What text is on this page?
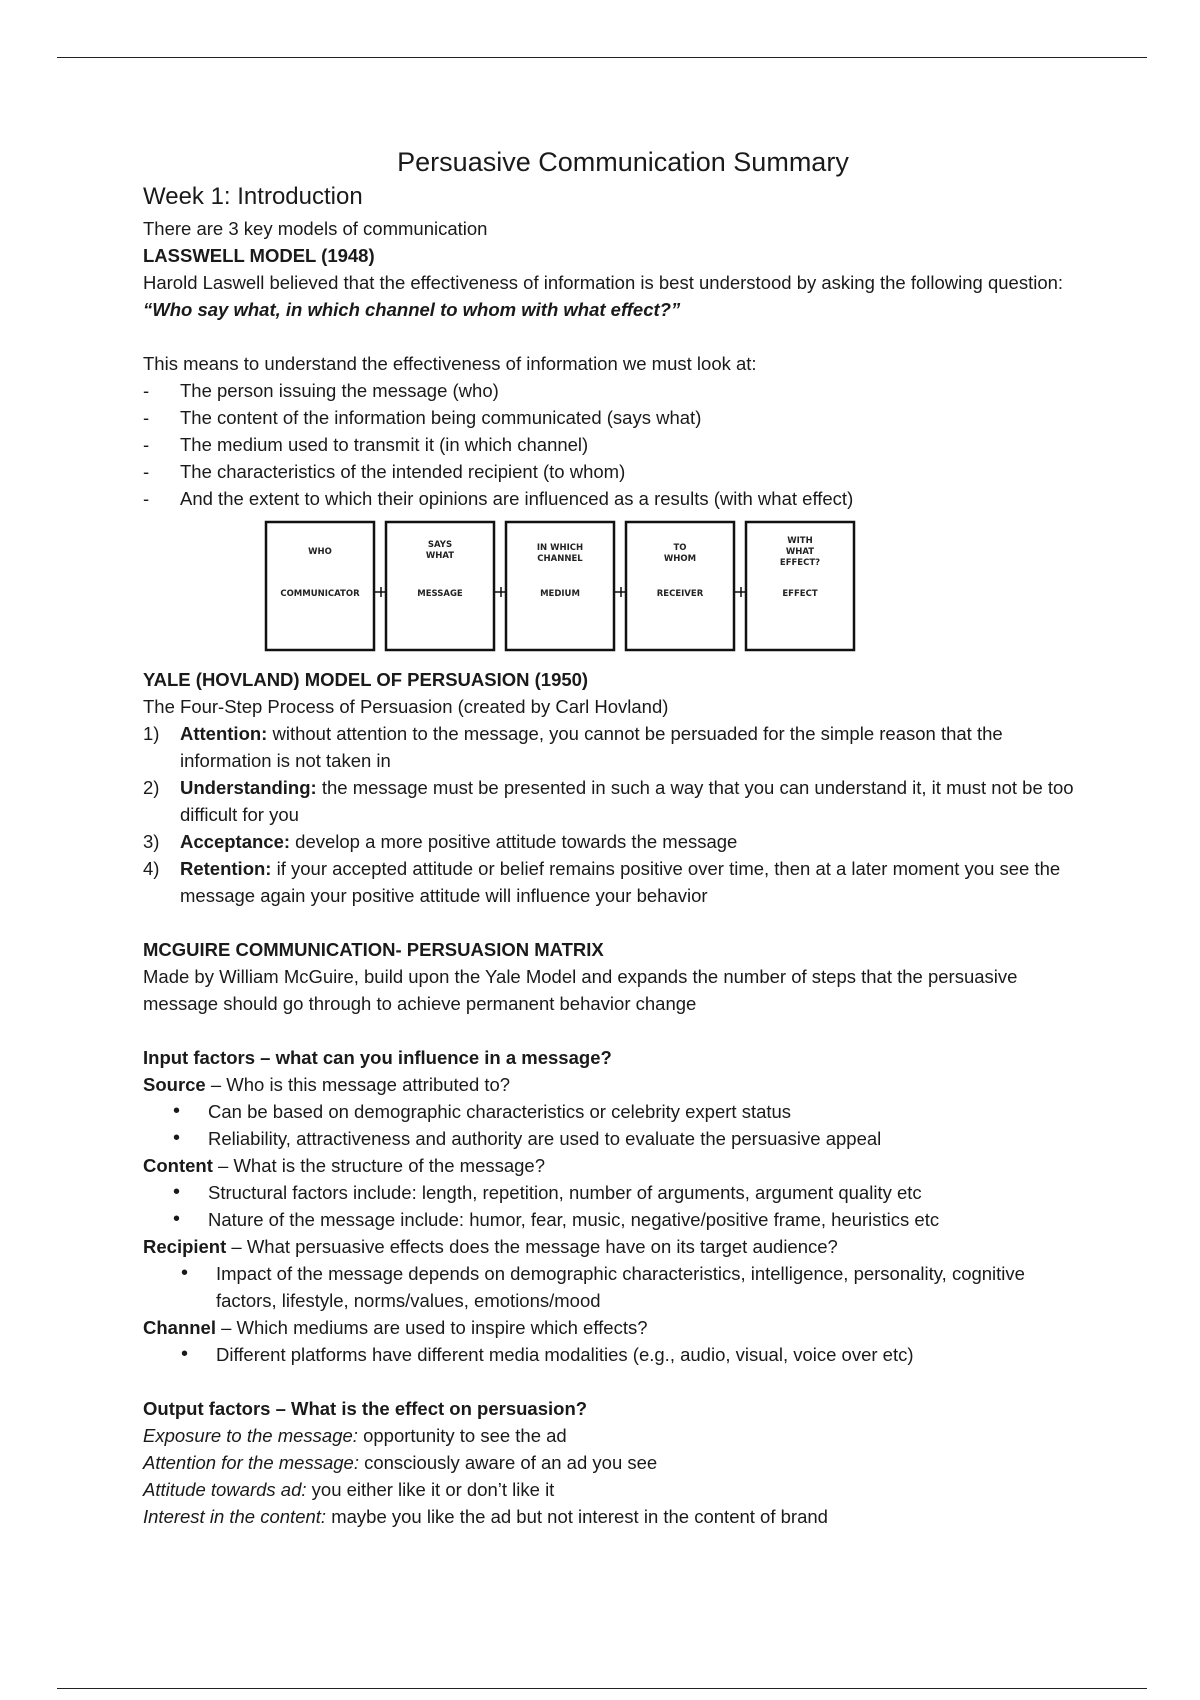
Persuasive Communication Summary
Week 1: Introduction

There are 3 key models of communication

LASSWELL MODEL (1948)

Harold Laswell believed that the effectiveness of information is best understood by asking the following question: “Who say what, in which channel to whom with what effect?”

This means to understand the effectiveness of information we must look at:

- The person issuing the message (who)
- The content of the information being communicated (says what)
- The medium used to transmit it (in which channel)
- The characteristics of the intended recipient (to whom)
- And the extent to which their opinions are influenced as a results (with what effect)
WHO
COMMUNICATOR
SAYS
WHAT
MESSAGE
IN WHICH
CHANNEL
MEDIUM
TO
WHOM
RECEIVER
WITH
WHAT
EFFECT?
EFFECT

YALE (HOVLAND) MODEL OF PERSUASION (1950)

The Four-Step Process of Persuasion (created by Carl Hovland)

1) Attention: without attention to the message, you cannot be persuaded for the simple reason that the information is not taken in
2) Understanding: the message must be presented in such a way that you can understand it, it must not be too difficult for you
3) Acceptance: develop a more positive attitude towards the message
4) Retention: if your accepted attitude or belief remains positive over time, then at a later moment you see the message again your positive attitude will influence your behavior

MCGUIRE COMMUNICATION- PERSUASION MATRIX

Made by William McGuire, build upon the Yale Model and expands the number of steps that the persuasive message should go through to achieve permanent behavior change

Input factors – what can you influence in a message?

Source – Who is this message attributed to?

• Can be based on demographic characteristics or celebrity expert status
• Reliability, attractiveness and authority are used to evaluate the persuasive appeal

Content – What is the structure of the message?

• Structural factors include: length, repetition, number of arguments, argument quality etc
• Nature of the message include: humor, fear, music, negative/positive frame, heuristics etc

Recipient – What persuasive effects does the message have on its target audience?

• Impact of the message depends on demographic characteristics, intelligence, personality, cognitive factors, lifestyle, norms/values, emotions/mood

Channel – Which mediums are used to inspire which effects?

• Different platforms have different media modalities (e.g., audio, visual, voice over etc)

Output factors – What is the effect on persuasion?

Exposure to the message: opportunity to see the ad

Attention for the message: consciously aware of an ad you see

Attitude towards ad: you either like it or don’t like it

Interest in the content: maybe you like the ad but not interest in the content of brand
